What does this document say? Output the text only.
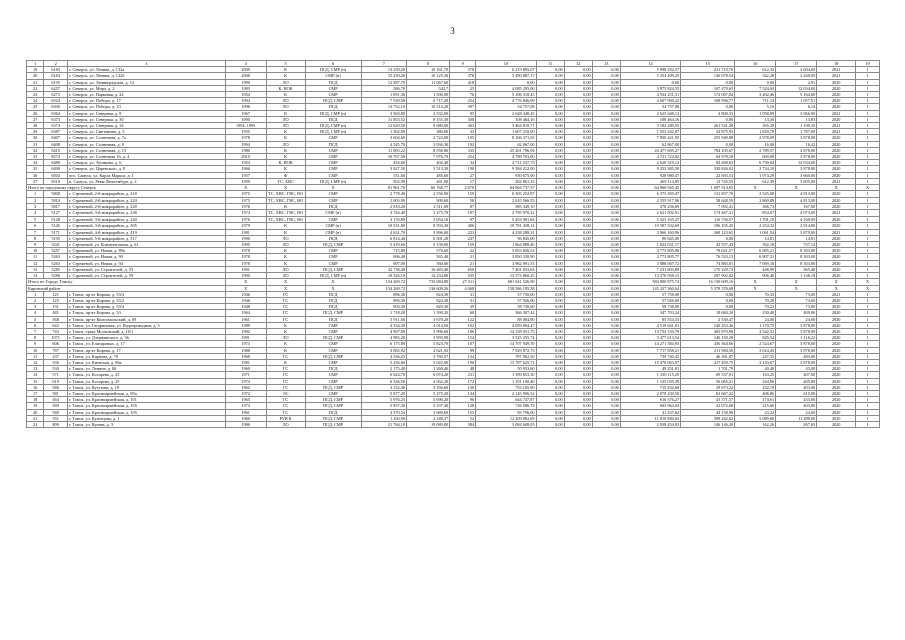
3
1	2	3	4	5	6	7	8	9	10	11	12	13	14	15	16	17	18	19
19	6183	г. Северск, ул. Ленина, д. 132а	2009	К	ПСД, СМР (н)	13 239,20	10 161,70	378	6 219 895,07	0,00	0,00	0,00	5 998 182,57	221 710,70	612,32	2 604,00	2021	1
20	6184	г. Северск, ул. Ленина, д. 132б	2008	К	СМР (н)	15 239,20	10 125,30	378	5 490 887,17	0,00	0,00	0,00	5 354 209,25	136 678,54	542,28	2 440,00	2021	1
21	6195	г. Северск, ул. Ленинградская, д. 12	1990	ЛО	ПСД	12 387,70	11 067,60	418	0,00	0,00	0,00	0,00	0,00	0,00	0,00	2,91	2020	1
22	6257	г. Северск, ул. Мира, д. 2	1983	К, НОК	СМР	586,70	542,7	25	4 085 295,00	0,00	0,00	0,00	3 975 824,55	107 470,65	7 524,04	12 034,00	2020	1
23	6273	г. Северск, ул. Парковая, д. 22	1954	К	СМР	1 891,30	1 500,00	76	5 106 318,45	0,00	0,00	0,00	4 934 251,51	172 067,04	3 402,46	5 164,00	2020	1
24	6524	г. Северск, ул. Победы, д. 17	1994	ЛО	ПСД, СМР	7 539,50	6 717,20	254	4 776 846,09	0,00	0,00	0,00	4 607 969,22	168 956,77	711,14	1 057,01	2020	1
25	6330	г. Северск, ул. Победы, д. 23	1996	ЛО	ПСД	13 752,10	10 514,20	397	54 757,08	0,00	0,00	0,00	54 757,08	0,00	5,16	6,14	2020	1
26	6364	г. Северск, ул. Северная, д. 8	1967	К	ПСД, СМР (н)	3 563,80	2 532,00	95	2 628 448,45	0,00	0,00	0,00	2 625 648,12	4 800,33	1 058,09	3 966,00	2021	1
27	6373	г. Северск, ул. Северная, д. 30	1990	ЛО	ПСД	11 853,52	8 155,30	308	108 464,16	0,00	0,00	0,00	108 464,16	0,00	13,30	13,83	2020	1
28	6374	г. Северск, ул. Северная, д. 34	1994, 1995	ЛО	ПСД, СМР (н)	12 629,50	9 680,00	363	3 464 810,71	0,00	0,00	0,00	3 182 289,55	261 541,28	365,39	1 199,35	2021	1
29	6387	г. Северск, ул. Сметанина, д. 5	1955	К	ПСД, СМР (н)	1 302,00	380,00	33	1 607 218,00	0,00	0,00	0,00	1 553 342,07	54 875,93	1 829,79	1 787,00	2021	1
30	6407	г. Северск, ул. Солнечная, д. 7а	1978	К	СМР	3 604,60	2 722,00	105	8 106 371,65	0,00	0,00	0,00	7 850 421,95	255 949,88	2 978,09	3 878,00	2020	1
31	6408	г. Северск, ул. Солнечная, д. 8	1994	ЛО	ПСД	4 545,70	3 936,30	102	62 867,00	0,00	0,00	0,00	62 867,00	0,00	16,00	16,42	2020	1
32	6415	г. Северск, ул. Солнечная, д. 13	1980	К	СМР	11 005,22	8 558,86	335	25 261 796,94	0,00	0,00	0,00	24 477 695,27	784 105,67	2 789,57	3 878,00	2020	1
33	8274	г. Северск, ул. Солнечная 16, д. 4	2010	К	СМР	10 767,50	7 976,70	254	4 789 703,00	0,00	0,00	0,00	4 721 724,82	64 978,18	600,09	3 878,00	2020	1
34	6480	г. Северск, ул. Тупикова, д. 6	1954	К, НОК	СМР	454,60	402,40	34	2 711 237,75	0,00	0,00	0,00	2 626 319,12	84 468,63	6 739,04	12 034,00	2020	1
35	6490	г. Северск, ул. Царевского, д. 8	1966	К	СМР	3 827,50	3 513,30	190	9 584 212,00	0,00	0,00	0,00	9 253 385,58	330 826,02	2 734,10	3 878,00	2020	1
36	6504	пос. Самусь, ул. Карла Маркса, д. 1	1957	Ф	СМР	531,60	485,60	27	950 675,00	0,00	0,00	0,00	928 980,47	22 693,53	1 974,29	3 660,00	2020	1
37	6510	п. Самусь, ул. Ревы Люксембург, д. 2	1959	ТС, ХВС	ПСД, СМР (н)	502,90	461,90	17	282 861,33	0,00	0,00	0,00	269 113,85	13 745,55	612,39	3 605,00	2021	1
Итого по городскому округу Северск			X	X	X	81 961,70	66 768,77	2 670	64 964 737,57	0,00	0,00	0,00	64 966 945,45	1 697 914,65	X	X	X	X
1	5808	г. Стрежевой, 2-й микрорайон, д. 218	1975	ТС, ХВС, ГВС, ВО	СМР	2 778,40	2 556,00	159	6 505 252,87	0,00	0,00	0,00	6 373 395,47	131 857,70	2 545,08	4 813,00	2020	1
2	5814	г. Стрежевой, 2-й микрорайон, д. 224	1975	ТС, ХВС, ГВС, ВО	СМР	1 003,90	909,60	56	2 610 566,55	0,00	0,00	0,00	2 555 917,96	58 648,59	2 869,89	4 813,00	2020	1
3	5817	г. Стрежевой, 2-й микрорайон, д. 228	1976	К	ПСД	2 810,20	2 511,00	87	385 349,10	0,00	0,00	0,00	378 256,69	7 092,41	366,73	167,00	2020	1
4	5127	г. Стрежевой, 3-й микрорайон, д. 238	1974	ТС, ХВС, ГВС, ВО	СМР (н)	3 744,40	3 275,70	187	2 795 970,22	0,00	0,00	0,00	2 621 502,91	174 467,31	854,07	4 073,00	2021	1
5	5128	г. Стрежевой, 3-й микрорайон, д. 240	1976	ТС, ХВС, ГВС, ВО	СМР	3 176,80	3 054,10	97	5 453 901,84	0,00	0,00	0,00	5 323 165,27	116 736,57	1 781,10	4 160,00	2020	1
6	5145	г. Стрежевой, 3-й микрорайон, д. 305	1979	К	СМР (н)	10 531,80	8 593,30	406	19 781 438,14	0,00	0,00	0,00	19 587 532,69	196 105,45	2 254,32	2 914,00	2020	1
7	5171	г. Стрежевой, 4-й микрорайон, д. 419	1981	К	СМР (н)	4 631,70	3 996,00	223	4 238 288,31	0,00	0,00	0,00	3 966 160,96	268 123,65	1 061,54	3 879,00	2021	1
8	5195	г. Стрежевой, 5-й микрорайон, д. 517	1990	ЛО	ПСД	6 814,40	6 501,20	247	96 845,00	0,00	0,00	0,00	96 845,00	0,00	14,81	14,81	2020	1
9	5241	г. Стрежевой, ул. Коммунальная, д. 61	1995	ЛО	ПСД, СМР	5 419,60	5 139,00	159	1 864 888,40	0,00	0,00	0,00	1 822 031,17	42 557,43	392,18	737,14	2020	1
10	5257	г. Стрежевой, ул. Новая, д. 89а	1978	К	СМР	715,80	576,60	22	3 853 826,52	0,00	0,00	0,00	3 775 805,96	78 021,57	6 685,21	8 303,00	2020	1
11	5263	г. Стрежевой, ул. Новая, д. 90	1978	К	СМР	696,40	565,40	21	3 850 338,90	0,00	0,00	0,00	3 773 805,77	76 533,13	6 807,31	8 303,00	2020	1
12	5263	г. Стрежевой, ул. Новая, д. 94	1978	К	СМР	697,00	560,60	21	3 962 991,53	0,00	0,00	0,00	3 888 067,72	74 883,81	7 069,16	8 303,00	2020	1
13	5285	г. Стрежевой, ул. Строителей, д. 53	1991	ЛО	ПСД, СМР	32 738,40	16 483,40	650	7 401 833,63	0,00	0,00	0,00	7 231 603,89	170 229,72	448,99	365,40	2020	1
14	5286	г. Стрежевой, ул. Строителей, д. 59	1990	ЛО	ПСД, СМР (н)	18 526,10	14 234,80	535	13 574 860,25	0,00	0,00	0,00	13 376 958,15	297 902,02	906,40	1 146,18	2020	1
Итого по Городу Томску			X	X	X	154 269,72	733 084,89	27 311	601 041 526,90	0,00	0,00	0,00	584 800 875,74	16 130 609,16	X	X	X	X
Кировский район			X	X	X	154 269,72	136 609,26	4 068	158 586 185,58	0,00	0,00	0,00	145 257 360,04	5 378 376,68	X	X	X	X
1	121	г. Томск, пр-кт Кирова, д. 53/4	1946	ГС	ПСД	896,30	824,30	31	57 758,00	0,00	0,00	0,00	57 758,00	0,00	70,33	73,00	2021	1
2	125	г. Томск, пр-кт Кирова, д. 53/2	1946	ГС	ПСД	896,30	824,30	31	57 926,00	0,00	0,00	0,00	57 926,00	0,00	70,29	73,00	2020	1
3	131	г. Томск, пр-кт Кирова, д. 53/4	1948	ГС	ПСД	904,30	829,30	39	58 738,00	0,00	0,00	0,00	58 738,00	0,00	70,23	73,00	2020	1
4	481	г. Томск, пр-кт Кирова, д. 5/i	1964	ГС	ПСД, СМР	1 718,20	1 590,20	60	366 387,44	0,00	0,00	0,00	347 703,24	18 684,20	230,40	409,00	2020	1
5	568	г. Томск, пр-кт Комсомольский, д. 69	1961	ГС	ПСД	5 911,60	3 679,20	122	88 084,80	0,00	0,00	0,00	85 554,33	2 530,47	24,00	24,00	2020	1
6	642	г. Томск, ул. Гагаринская, ул. Водопроводная, д. 5	1989	К	СМР	4 334,30	4 014,50	192	4 659 894,47	0,00	0,00	0,00	4 519 641,01	140 253,46	1 170,75	3 878,00	2020	1
7	743	г. Томск, тракт Московский, д. 10/1	1982	К	СМР	4 907,00	3 996,60	186	14 158 051,75	0,00	0,00	0,00	13 754 150,79	403 870,96	3 542,52	3 878,00	2020	1
8	1071	г. Томск, ул. Дзержинского, д. 36	1991	ЛО	ПСД, СМР	4 983,20	3 993,90	154	3 525 255,74	0,00	0,00	0,00	3 477 613,54	146 150,20	845,54	1 116,22	2020	1
9	606	г. Томск, ул. Елизаровых, д. 17	1973	К	СМР	6 175,80	5 823,70	187	14 707 949,59	0,00	0,00	0,00	14 271 584,93	436 364,66	2 524,67	3 878,00	2020	1
10	787	г. Томск, пр-кт Кирова, д. 17	1988	К	СМР	3 065,92	2 621,92	99	7 929 872,73	0,00	0,00	0,00	7 717 858,21	211 984,50	3 024,45	3 878,00	2020	1
11	237	г. Томск, ул. Карпова, д. 70	1968	ГС	ПСД, СМР	4 536,25	3 760,57	134	787 902,50	0,00	0,00	0,00	739 740,43	46 301,87	247,55	483,00	2020	1
12	336	г. Томск, ул. Киевская, д. 86а	1981	К	СМР	5 256,60	5 022,00	190	15 787 625,72	0,00	0,00	0,00	15 370 063,97	417 459,75	3 143,67	3 878,00	2020	1
13	530	г. Томск, ул. Ленина, д. 86	1960	ГС	ПСД	2 175,40	1 260,40	48	50 953,60	0,00	0,00	0,00	49 251,81	1 701,79	40,40	43,00	2020	1
14	571	г. Томск, ул. Косарева, д. 25	1971	ГС	СМР	6 624,70	6 074,20	231	1 399 653,30	0,00	0,00	0,00	1 330 115,29	69 537,91	163,25	407,00	2020	1
15	619	г. Томск, ул. Косарева, д. 25	1974	ГС	СМР	6 336,50	4 562,20	172	1 191 100,40	0,00	0,00	0,00	1 135 035,39	56 065,21	244,96	405,00	2020	1
16	586	г. Томск, ул. Кутузова, д. 19	1962	ГС	ПСД, СМР	3 152,40	3 356,60	130	753 105,90	0,00	0,00	0,00	715 432,68	39 673,22	232,19	403,00	2020	1
17	581	г. Томск, ул. Красноармейская, д. 89а	1972	ЭС	СМР	5 877,20	5 275,20	144	2 145 906,52	0,00	0,00	0,00	2 078 239,50	63 667,22	406,86	615,00	2020	1
18	464	г. Томск, ул. Красноармейская, д. 101	1965	ГС	ПСД, СМР	5 976,25	5 690,20	96	644 747,87	0,00	0,00	0,00	610 376,27	43 371,57	174,61	433,00	2020	1
19	589	г. Томск, ул. Красноармейская, д. 105	1973	ГС	ПСД, СМР	5 857,30	5 337,40	128	726 086,73	0,00	0,00	0,00	683 964,04	42 072,68	215,66	403,00	2020	1
20	580	г. Томск, ул. Красноармейская, д. 105	1961	ГС	ПСД	4 370,54	3 689,60	155	85 796,00	0,00	0,00	0,00	41 437,62	44 158,98	23,22	24,00	2020	1
21	351	г. Томск, ул. Кузнецова, д. 1	1960	РУВ К	ПСД, СМР	1 250,90	2 248,37	52	12 209 082,69	0,00	0,00	0,00	11 810 840,02	398 242,62	5 089,60	11 289,00	2020	1
22	809	г. Томск, ул. Кулева, д. 3	1986	ЛО	ПСД, СМР	21 764,10	19 089,80	584	3 084 608,05	0,00	0,00	0,00	2 938 454,83	146 146,20	162,26	267,65	2020	1
